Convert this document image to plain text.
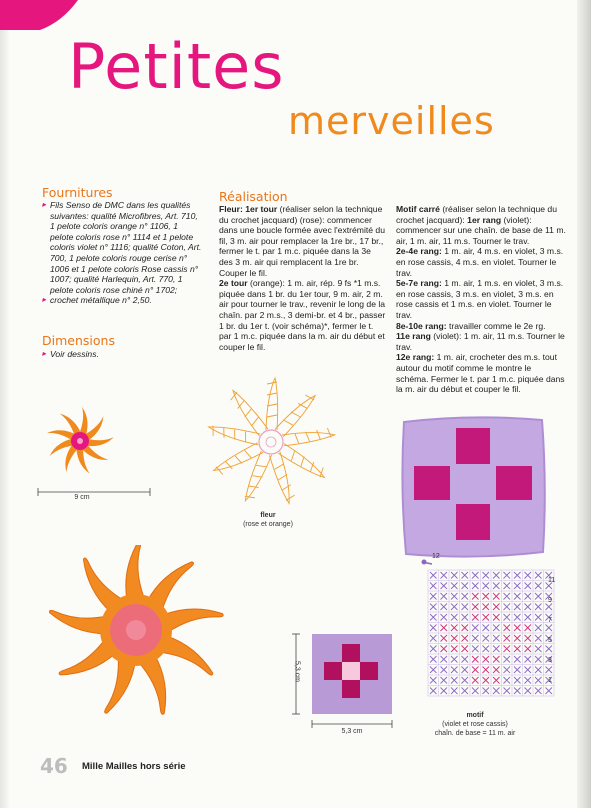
Petites
merveilles
Fournitures
▸ Fils Senso de DMC dans les qualités suivantes: qualité Microfibres, Art. 710, 1 pelote coloris orange n° 1106, 1 pelote coloris rose n° 1114 et 1 pelote coloris violet n° 1116; qualité Coton, Art. 700, 1 pelote coloris rouge cerise n° 1006 et 1 pelote coloris Rose cassis n° 1007; qualité Harlequin, Art. 770, 1 pelote coloris rose chiné n° 1702;
▸ crochet métallique n° 2,50.
Dimensions
▸ Voir dessins.
Réalisation
Fleur: 1er tour (réaliser selon la technique du crochet jacquard) (rose): commencer dans une boucle formée avec l'extrémité du fil, 3 m. air pour remplacer la 1re br., 17 br., fermer le t. par 1 m.c. piquée dans la 3e des 3 m. air qui remplacent la 1re br. Couper le fil.
2e tour (orange): 1 m. air, rép. 9 fs *1 m.s. piquée dans 1 br. du 1er tour, 9 m. air, 2 m. air pour tourner le trav., revenir le long de la chaîn. par 2 m.s., 3 demi-br. et 4 br., passer 1 br. du 1er t. (voir schéma)*, fermer le t. par 1 m.c. piquée dans la m. air du début et couper le fil.
Motif carré (réaliser selon la technique du crochet jacquard): 1er rang (violet): commencer sur une chaîn. de base de 11 m. air, 1 m. air, 11 m.s. Tourner le trav.
2e-4e rang: 1 m. air, 4 m.s. en violet, 3 m.s. en rose cassis, 4 m.s. en violet. Tourner le trav.
5e-7e rang: 1 m. air, 1 m.s. en violet, 3 m.s. en rose cassis, 3 m.s. en violet, 3 m.s. en rose cassis et 1 m.s. en violet. Tourner le trav.
8e-10e rang: travailler comme le 2e rg.
11e rang (violet): 1 m. air, 11 m.s. Tourner le trav.
12e rang: 1 m. air, crocheter des m.s. tout autour du motif comme le montre le schéma. Fermer le t. par 1 m.c. piquée dans la m. air du début et couper le fil.
9 cm
fleur
(rose et orange)
5,3 cm
5,3 cm
12
11
9
7
5
3
1
motif
(violet et rose cassis)
chaîn. de base = 11 m. air
46 Mille Mailles hors série
